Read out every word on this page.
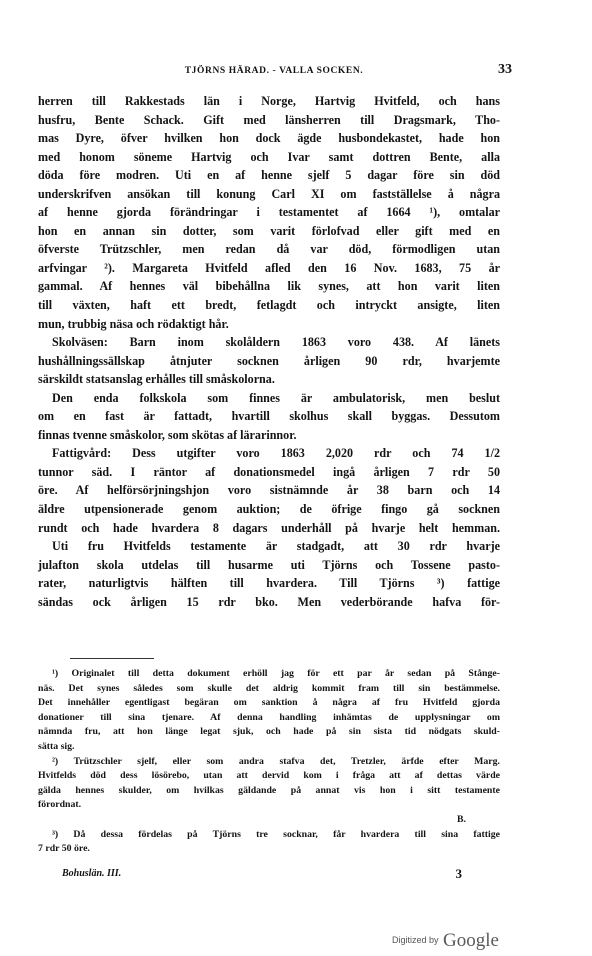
TJÖRNS HÄRAD. - VALLA SOCKEN.	33
herren till Rakkestads län i Norge, Hartvig Hvitfeld, och hans
husfru, Bente Schack. Gift med länsherren till Dragsmark, Tho-
mas Dyre, öfver hvilken hon dock ägde husbondekastet, hade hon
med honom söneme Hartvig och Ivar samt dottren Bente, alla
döda före modren. Uti en af henne sjelf 5 dagar före sin död
underskrifven ansökan till konung Carl XI om fastställelse å några
af henne gjorda förändringar i testamentet af 1664 ¹), omtalar
hon en annan sin dotter, som varit förlofvad eller gift med en
öfverste Trützschler, men redan då var död, förmodligen utan
arfvingar ²). Margareta Hvitfeld afled den 16 Nov. 1683, 75 år
gammal. Af hennes väl bibehållna lik synes, att hon varit liten
till växten, haft ett bredt, fetlagdt och intryckt ansigte, liten
mun, trubbig näsa och rödaktigt hår.
Skolväsen: Barn inom skolåldern 1863 voro 438. Af länets
hushållningssällskap åtnjuter socknen årligen 90 rdr, hvarjemte
särskildt statsanslag erhålles till småskolorna.
Den enda folkskola som finnes är ambulatorisk, men beslut
om en fast är fattadt, hvartill skolhus skall byggas. Dessutom
finnas tvenne småskolor, som skötas af lärarinnor.
Fattigvård: Dess utgifter voro 1863 2,020 rdr och 74 1/2
tunnor säd. I räntor af donationsmedel ingå årligen 7 rdr 50
öre. Af helförsörjningshjon voro sistnämnde år 38 barn och 14
äldre utpensionerade genom auktion; de öfrige fingo gå socknen
rundt och hade hvardera 8 dagars underhåll på hvarje helt hemman.
Uti fru Hvitfelds testamente är stadgadt, att 30 rdr hvarje
julafton skola utdelas till husarme uti Tjörns och Tossene pasto-
rater, naturligtvis hälften till hvardera. Till Tjörns ³) fattige
sändas ock årligen 15 rdr bko. Men vederbörande hafva för-
¹) Originalet till detta dokument erhöll jag för ett par år sedan på Stånge-
näs. Det synes således som skulle det aldrig kommit fram till sin bestämmelse.
Det innehåller egentligast begäran om sanktion å några af fru Hvitfeld gjorda
donationer till sina tjenare. Af denna handling inhämtas de upplysningar om
nämnda fru, att hon länge legat sjuk, och hade på sin sista tid nödgats skuld-
sätta sig.
²) Trützschler sjelf, eller som andra stafva det, Tretzler, ärfde efter Marg.
Hvitfelds död dess lösörebo, utan att dervid kom i fråga att af dettas värde
gälda hennes skulder, om hvilkas gäldande på annat vis hon i sitt testamente
förordnat.
B.
³) Då dessa fördelas på Tjörns tre socknar, får hvardera till sina fattige
7 rdr 50 öre.
Bohuslän. III.	3
Digitized by Google
